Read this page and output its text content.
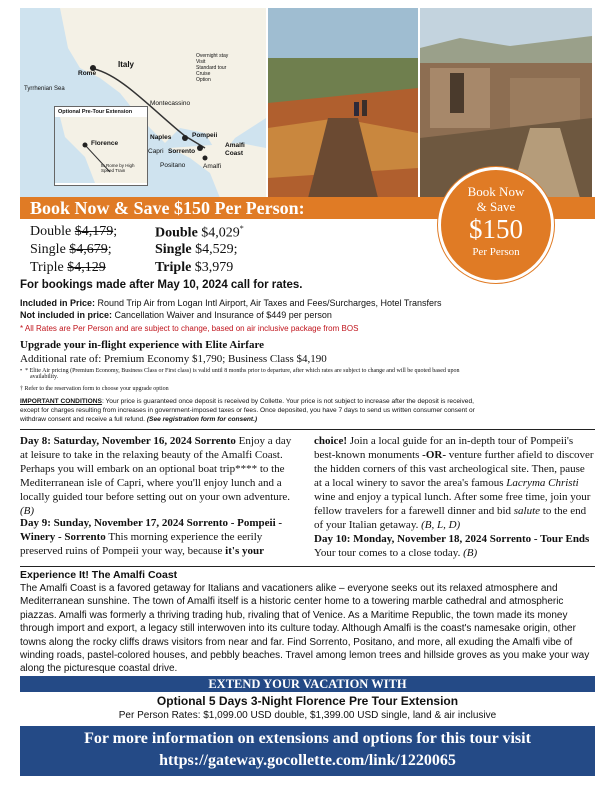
Italy
Tyrrhenian Sea
Rome
Montecassino
Naples	Pompeii
Capri Sorrento
Amalfi Coast
Positano	Amalfi
Overnight stay
Visit
Standard tour
Cruise
Option
Optional Pre-Tour Extension
Florence
to Rome by High Speed Train
Book Now & Save $150 Per Person:
Book Now
& Save
$150
Per Person
Double $4,179;
Single $4,679;
Triple $4,129
Double $4,029*
Single $4,529;
Triple $3,979
For bookings made after May 10, 2024 call for rates.
Included in Price: Round Trip Air from Logan Intl Airport, Air Taxes and Fees/Surcharges, Hotel Transfers
Not included in price: Cancellation Waiver and Insurance of $449 per person
* All Rates are Per Person and are subject to change, based on air inclusive package from BOS
Upgrade your in-flight experience with Elite Airfare
Additional rate of: Premium Economy $1,790; Business Class $4,190
•  * Elite Air pricing (Premium Economy, Business Class or First class) is valid until 8 months prior to departure, after which rates are subject to change and will be quoted based upon
availability.
† Refer to the reservation form to choose your upgrade option
IMPORTANT CONDITIONS: Your price is guaranteed once deposit is received by Collette. Your price is not subject to increase after the deposit is received,
except for charges resulting from increases in government-imposed taxes or fees. Once deposited, you have 7 days to send us written consumer consent or
withdraw consent and receive a full refund. (See registration form for consent.)
Day 8: Saturday, November 16, 2024 Sorrento Enjoy a day
at leisure to take in the relaxing beauty of the Amalfi Coast.
Perhaps you will embark on an optional boat trip**** to the
Mediterranean isle of Capri, where you'll enjoy lunch and a
locally guided tour before setting out on your own adventure.
(B)
Day 9: Sunday, November 17, 2024 Sorrento - Pompeii -
Winery - Sorrento This morning experience the eerily
preserved ruins of Pompeii your way, because it's your
choice! Join a local guide for an in-depth tour of Pompeii's
best-known monuments -OR- venture further afield to discover
the hidden corners of this vast archeological site. Then, pause
at a local winery to savor the area's famous Lacryma Christi
wine and enjoy a typical lunch. After some free time, join your
fellow travelers for a farewell dinner and bid salute to the end
of your Italian getaway. (B, L, D)
Day 10: Monday, November 18, 2024 Sorrento - Tour Ends
Your tour comes to a close today. (B)
Experience It! The Amalfi Coast
The Amalfi Coast is a favored getaway for Italians and vacationers alike – everyone seeks out its relaxed atmosphere and
Mediterranean sunshine. The town of Amalfi itself is a historic center home to a towering marble cathedral and atmospheric
piazzas. Amalfi was formerly a thriving trading hub, rivaling that of Venice. As a Maritime Republic, the town made its money
through import and export, a legacy still interwoven into its culture today. Although Amalfi is the coast's namesake origin, other
towns along the rocky cliffs draws visitors from near and far. Find Sorrento, Positano, and more, all exuding the Amalfi vibe of
winding roads, pastel-colored houses, and pebbly beaches. Travel among lemon trees and hillside groves as you make your way
along the picturesque coastal drive.
EXTEND YOUR VACATION WITH
Optional 5 Days 3-Night Florence Pre Tour Extension
Per Person Rates: $1,099.00 USD double, $1,399.00 USD single, land & air inclusive
For more information on extensions and options for this tour visit
https://gateway.gocollette.com/link/1220065
